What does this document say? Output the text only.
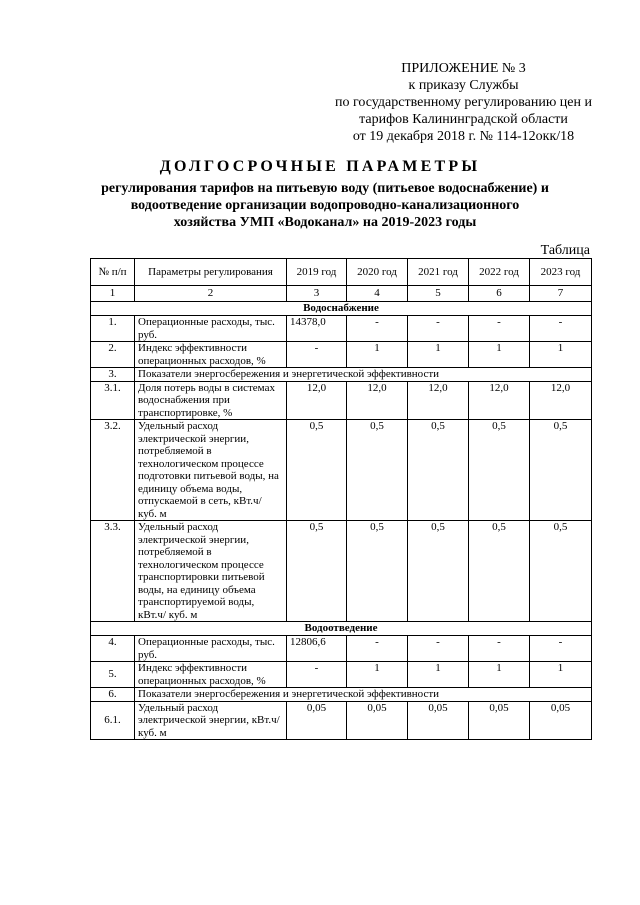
ПРИЛОЖЕНИЕ № 3
к приказу Службы
по государственному регулированию цен и
тарифов Калининградской области
от 19 декабря 2018 г. № 114-12окк/18
ДОЛГОСРОЧНЫЕ ПАРАМЕТРЫ
регулирования тарифов на питьевую воду (питьевое водоснабжение) и водоотведение организации водопроводно-канализационного хозяйства УМП «Водоканал» на 2019-2023 годы
Таблица
№ п/п	Параметры регулирования	2019 год	2020 год	2021 год	2022 год	2023 год
1	2	3	4	5	6	7
Водоснабжение						
1.	Операционные расходы, тыс. руб.	14378,0	-	-	-	-
2.	Индекс эффективности операционных расходов, %	-	1	1	1	1
3.	Показатели энергосбережения и энергетической эффективности					
3.1.	Доля потерь воды в системах водоснабжения при транспортировке, %	12,0	12,0	12,0	12,0	12,0
3.2.	Удельный расход электрической энергии, потребляемой в технологическом процессе подготовки питьевой воды, на единицу объема воды, отпускаемой в сеть, кВт.ч/ куб. м	0,5	0,5	0,5	0,5	0,5
3.3.	Удельный расход электрической энергии, потребляемой в технологическом процессе транспортировки питьевой воды, на единицу объема транспортируемой воды, кВт.ч/ куб. м	0,5	0,5	0,5	0,5	0,5
Водоотведение						
4.	Операционные расходы, тыс. руб.	12806,6	-	-	-	-
5.	Индекс эффективности операционных расходов, %	-	1	1	1	1
6.	Показатели энергосбережения и энергетической эффективности					
6.1.	Удельный расход электрической энергии, кВт.ч/ куб. м	0,05	0,05	0,05	0,05	0,05
